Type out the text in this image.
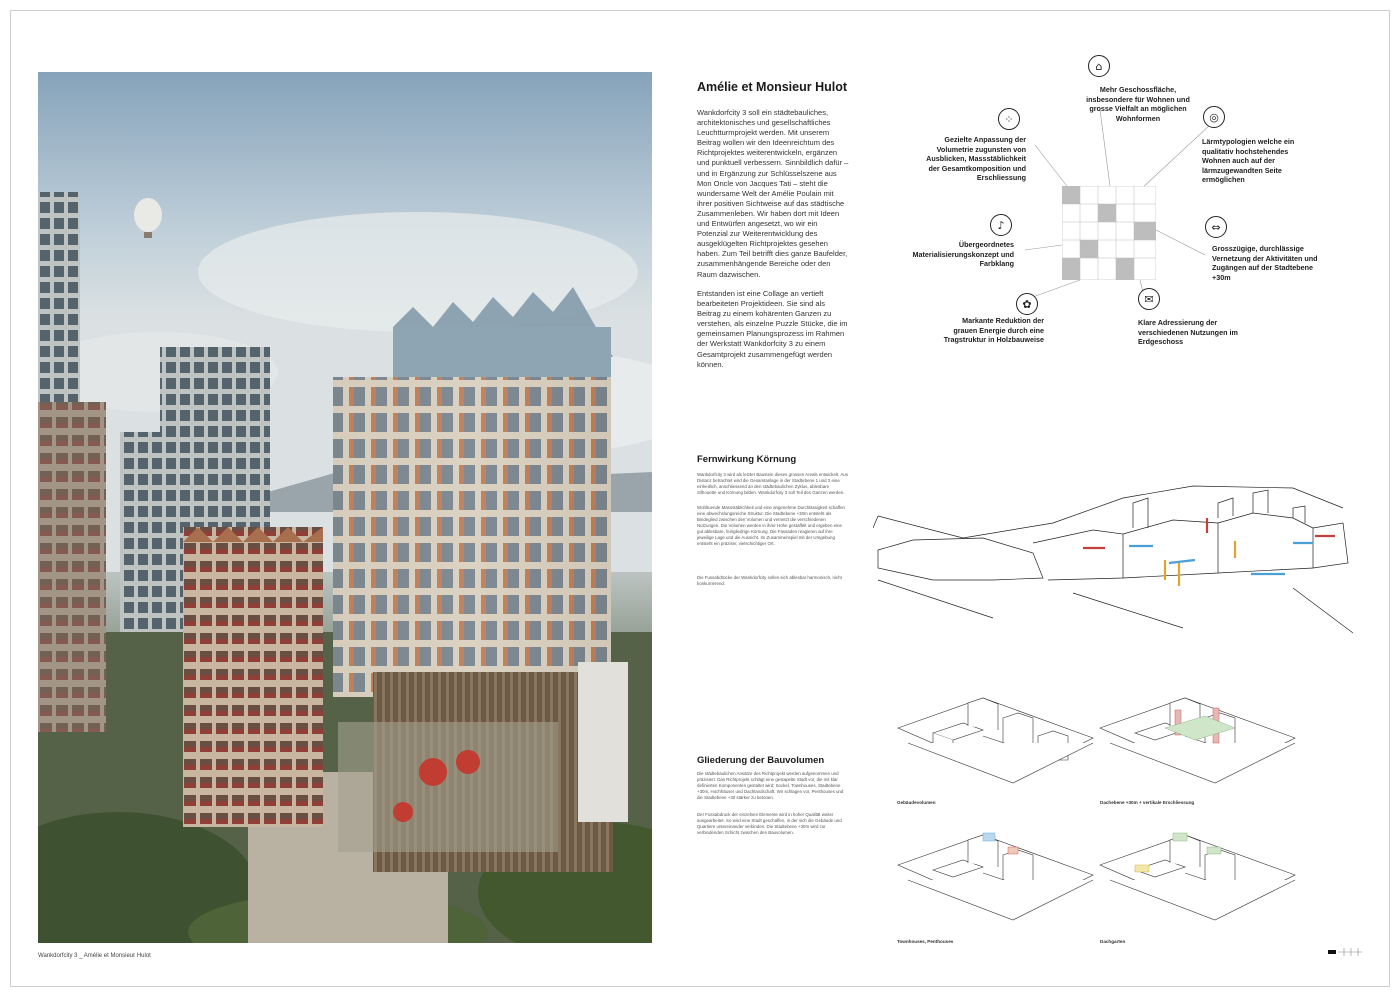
Wankdorfcity 3 _ Amélie et Monsieur Hulot
Amélie et Monsieur Hulot
Wankdorfcity 3 soll ein städtebauliches, architektonisches und gesellschaftliches Leuchtturmprojekt werden. Mit unserem Beitrag wollen wir den Ideenreichtum des Richtprojektes weiterentwickeln, ergänzen und punktuell verbessern. Sinnbildlich dafür – und in Ergänzung zur Schlüsselszene aus Mon Oncle von Jacques Tati – steht die wundersame Welt der Amélie Poulain mit ihrer positiven Sichtweise auf das städtische Zusammenleben. Wir haben dort mit Ideen und Entwürfen angesetzt, wo wir ein Potenzial zur Weiterentwicklung des ausgeklügelten Richtprojektes gesehen haben. Zum Teil betrifft dies ganze Baufelder, zusammenhängende Bereiche oder den Raum dazwischen.
Entstanden ist eine Collage an vertieft bearbeiteten Projektideen. Sie sind als Beitrag zu einem kohärenten Ganzen zu verstehen, als einzelne Puzzle Stücke, die im gemeinsamen Planungsprozess im Rahmen der Werkstatt Wankdorfcity 3 zu einem Gesamtprojekt zusammengefügt werden können.
⌂
Mehr Geschossfläche, insbesondere für Wohnen und grosse Vielfalt an möglichen Wohnformen	◎
Lärmtypologien welche ein qualitativ hochstehendes Wohnen auch auf der lärmzugewandten Seite ermöglichen
⇔
Grosszügige, durchlässige Vernetzung der Aktivitäten und Zugängen auf der Stadtebene +30m
✉
Klare Adressierung der verschiedenen Nutzungen im Erdgeschoss
✿
Markante Reduktion der grauen Energie durch eine Tragstruktur in Holzbauweise
♪
Übergeordnetes Materialisierungskonzept und Farbklang
⁘
Gezielte Anpassung der Volumetrie zugunsten von Ausblicken, Massstäblichkeit der Gesamtkomposition und Erschliessung
Fernwirkung Körnung
Wankdorfcity 3 wird als letzter Baustein dieses grossen Areals entwickelt. Aus Distanz betrachtet wird die Gesamtanlage in der Stadtebene 1 und 2 eine einheitlich, anschliessend an den städtebaulichen Zyklus, ablesbare Silhouette und Körnung bilden. Wankdorfcity 3 soll Teil des Ganzen werden.
Wohltuende Massstäblichkeit und eine angenehme Durchlässigkeit schaffen eine abwechslungsreiche Struktur. Die Stadtebene +30m entsteht als Bindeglied zwischen den Volumen und vernetzt die verschiedenen Nutzungen. Die Volumen werden in ihrer Höhe gestaffelt und ergeben eine gut ablesbare, feingliedrige Körnung. Die Fassaden reagieren auf ihre jeweilige Lage und die Aussicht. Im Zusammenspiel mit der Umgebung entsteht ein präziser, vielschichtiger Ort.
Die Fussabdrücke der Wankdorfcity sollen sich ablesbar harmonisch, nicht konkurrierend.
Gliederung der Bauvolumen
Die städtebaulichen Ansätze des Richtprojekt werden aufgenommen und präzisiert. Das Richtprojekt schlägt eine gestapelte Stadt vor, die mit klar definierten Komponenten gestaltet wird: Sockel, Townhouses, Stadtebene +30m, Hochhäuser und Dachlandschaft. Wir schlagen vor, Penthouses und die Stadtebene +30 stärker zu betonen.
Der Fussabdruck der einzelnen Elemente wird in hoher Qualität weiter ausgearbeitet. So wird eine Stadt geschaffen, in der sich die Gebäude und Quartiere untereinander verbinden. Die Stadtebene +30m wird zur verbindenden Schicht zwischen den Bauvolumen.
Gebäudevolumen	Dachebene +30m + vertikale Erschliessung
Townhouses, Penthouses	Dachgarten
